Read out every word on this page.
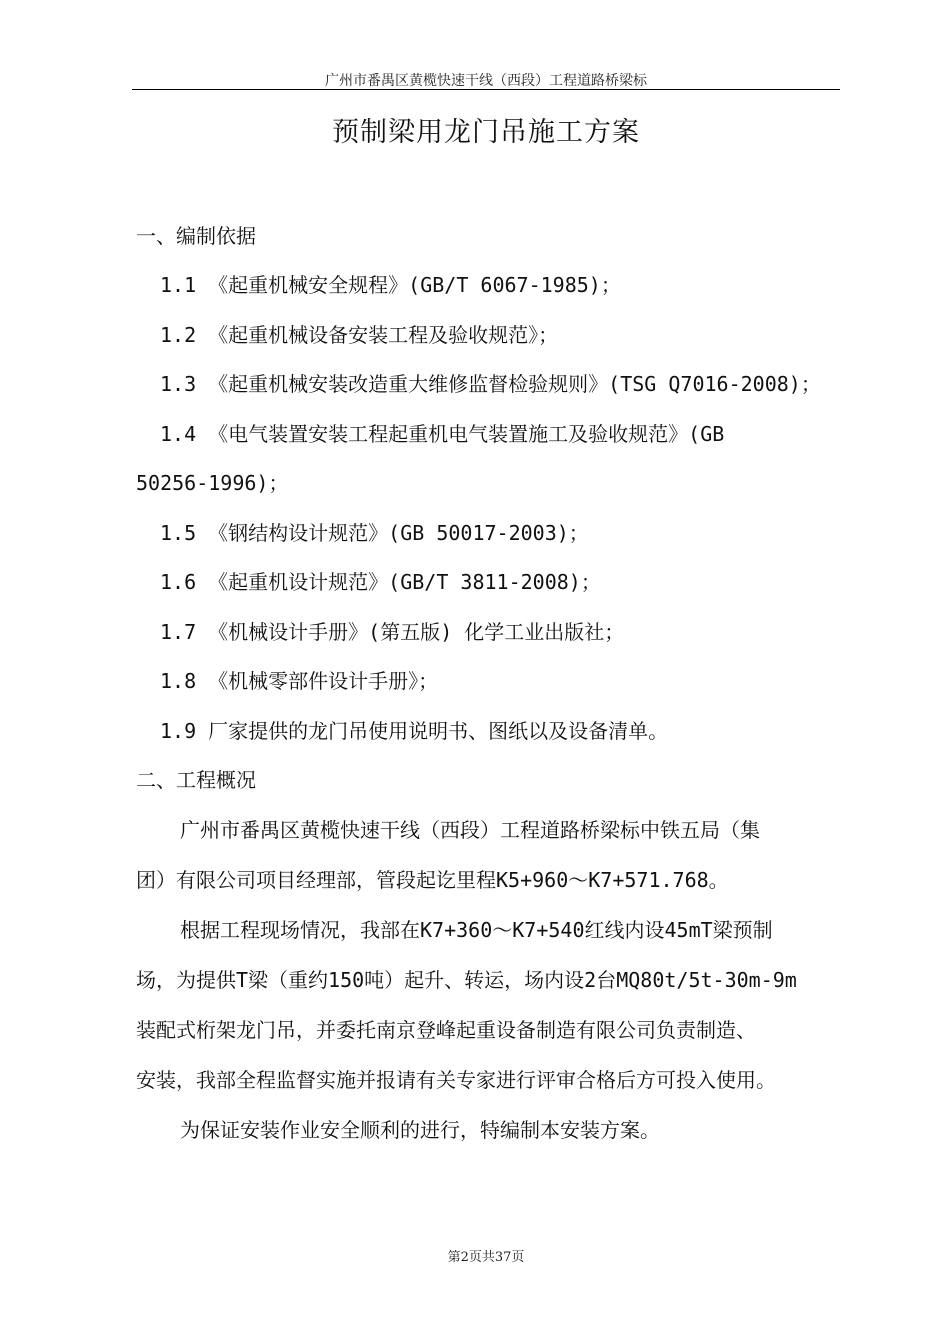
广州市番禺区黄榄快速干线（西段）工程道路桥梁标
预制梁用龙门吊施工方案
一、编制依据
1.1 《起重机械安全规程》(GB/T 6067-1985)；
1.2 《起重机械设备安装工程及验收规范》；
1.3 《起重机械安装改造重大维修监督检验规则》(TSG Q7016-2008)；
1.4 《电气装置安装工程起重机电气装置施工及验收规范》(GB
50256-1996)；
1.5 《钢结构设计规范》(GB 50017-2003)；
1.6 《起重机设计规范》(GB/T 3811-2008)；
1.7 《机械设计手册》(第五版) 化学工业出版社；
1.8 《机械零部件设计手册》；
1.9 厂家提供的龙门吊使用说明书、图纸以及设备清单。
二、工程概况
广州市番禺区黄榄快速干线（西段）工程道路桥梁标中铁五局（集
团）有限公司项目经理部，管段起讫里程K5+960～K7+571.768。
根据工程现场情况，我部在K7+360～K7+540红线内设45mT梁预制
场，为提供T梁（重约150吨）起升、转运，场内设2台MQ80t/5t-30m-9m
装配式桁架龙门吊，并委托南京登峰起重设备制造有限公司负责制造、
安装，我部全程监督实施并报请有关专家进行评审合格后方可投入使用。
为保证安装作业安全顺利的进行，特编制本安装方案。
第2页共37页
